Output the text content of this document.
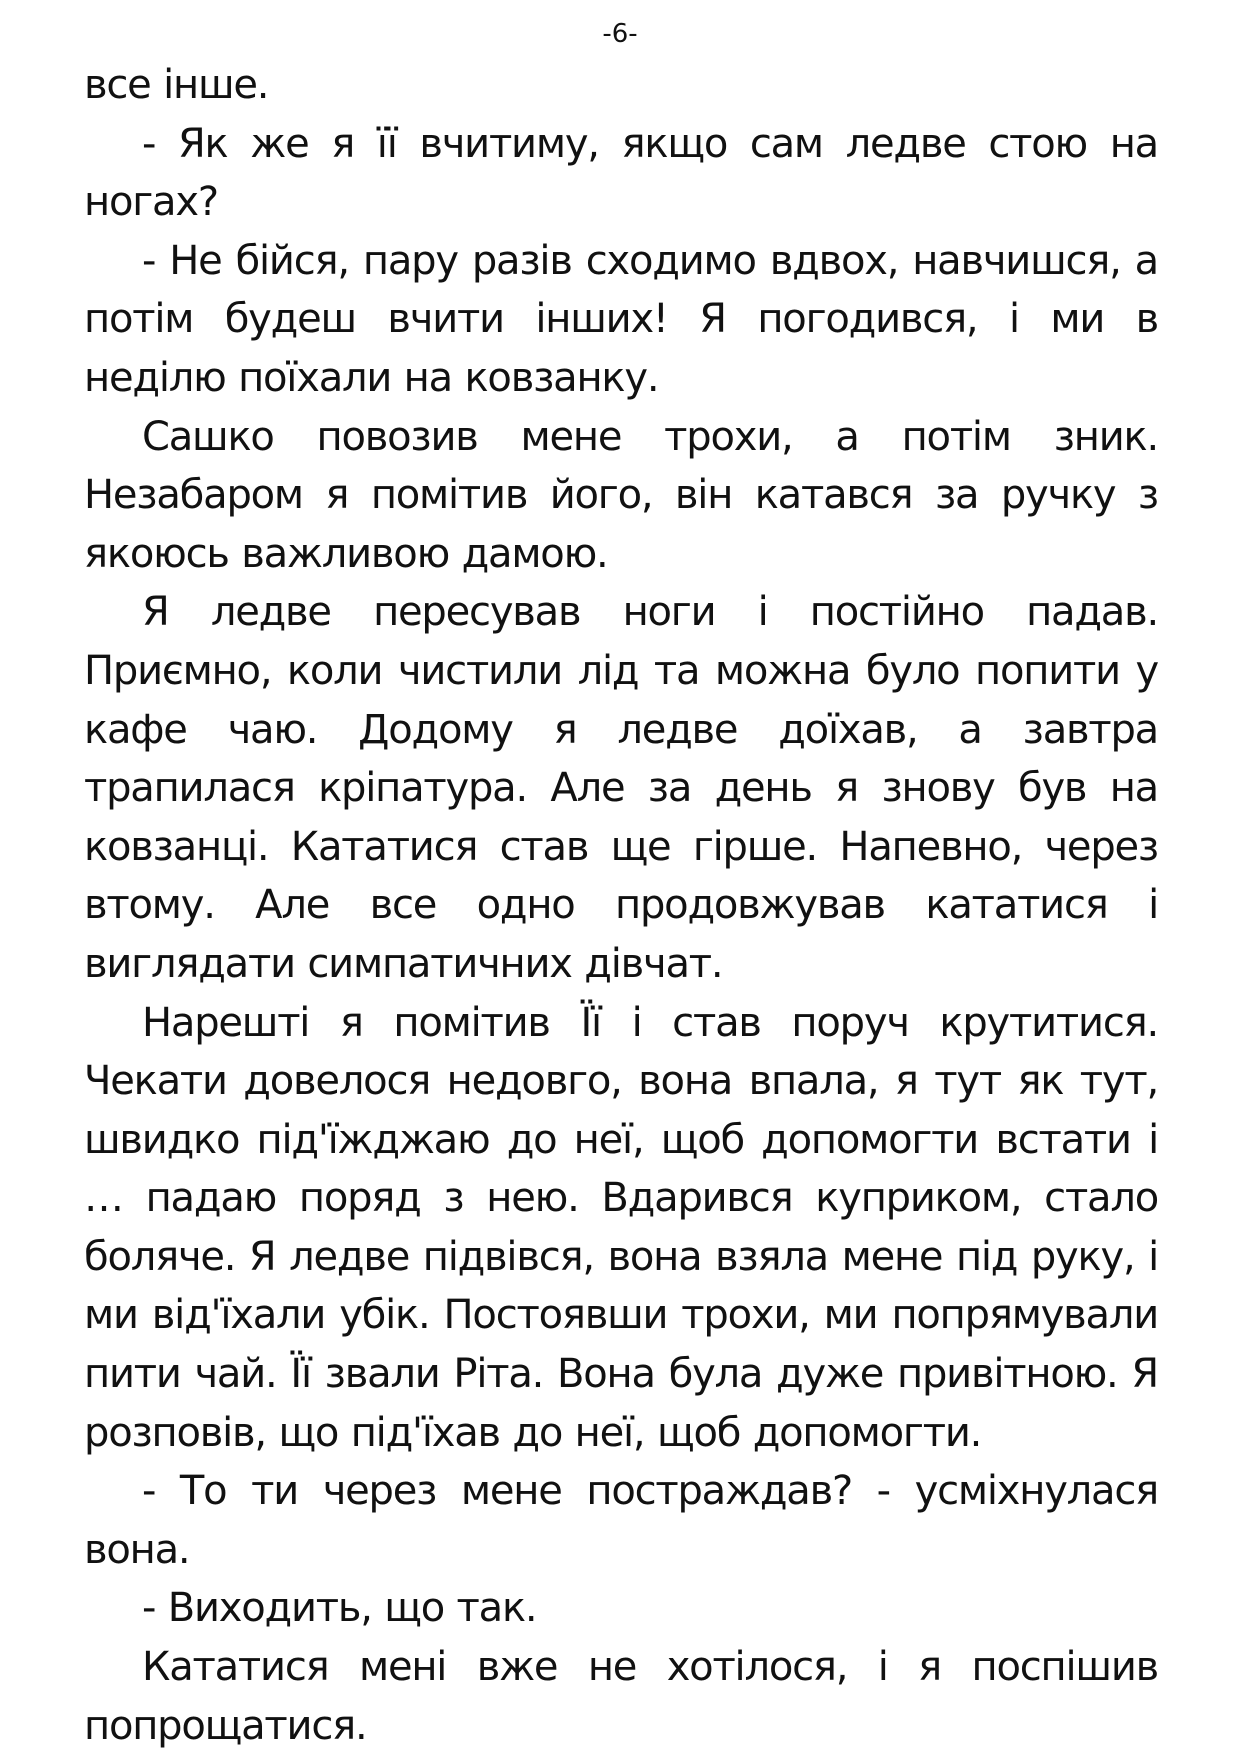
-6-

все інше.

- Як же я її вчитиму, якщо сам ледве стою на ногах?

- Не бійся, пару разів сходимо вдвох, навчишся, а потім будеш вчити інших! Я погодився, і ми в неділю поїхали на ковзанку.

Сашко повозив мене трохи, а потім зник. Незабаром я помітив його, він катався за ручку з якоюсь важливою дамою.

Я ледве пересував ноги і постійно падав. Приємно, коли чистили лід та можна було попити у кафе чаю. Додому я ледве доїхав, а завтра трапилася кріпатура. Але за день я знову був на ковзанці. Кататися став ще гірше. Напевно, через втому. Але все одно продовжував кататися і виглядати симпатичних дівчат.

Нарешті я помітив Її і став поруч крутитися. Чекати довелося недовго, вона впала, я тут як тут, швидко під'їжджаю до неї, щоб допомогти встати і … падаю поряд з нею. Вдарився куприком, стало боляче. Я ледве підвівся, вона взяла мене під руку, і ми від'їхали убік. Постоявши трохи, ми попрямували пити чай. Її звали Ріта. Вона була дуже привітною. Я розповів, що під'їхав до неї, щоб допомогти.

- То ти через мене постраждав? - усміхнулася вона.

- Виходить, що так.

Кататися мені вже не хотілося, і я поспішив попрощатися.
